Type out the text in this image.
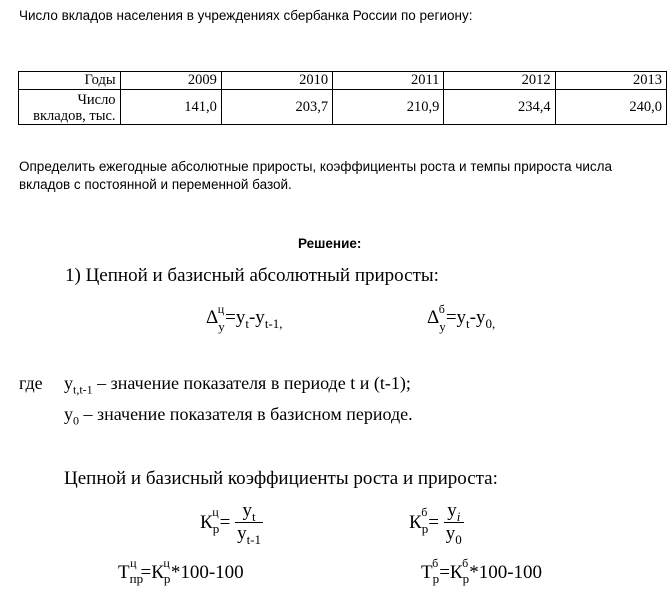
Число вкладов населения в учреждениях сбербанка России по региону:
Годы	2009	2010	2011	2012	2013
Число вкладов, тыс.	141,0	203,7	210,9	234,4	240,0
Определить ежегодные абсолютные приросты, коэффициенты роста и темпы прироста числа
вкладов с постоянной и переменной базой.
Решение:
1) Цепной и базисный абсолютный приросты:
$\Delta_у^ц=у_t-у_{t-1,}$	$\Delta_у^б=у_t-у_{0,}$
где $у_{t,t-1}$ – значение показателя в периоде t и (t-1);
$у_0$ – значение показателя в базисном периоде.
Цепной и базисный коэффициенты роста и прироста:
$К_р^ц= \frac{у_t}{у_{t-1}}$	$К_р^б= \frac{у_i}{у_0}$
$Т_{пр}^ц =К_р^ц*100-100$	$Т_р^б=К_р^б*100-100$
